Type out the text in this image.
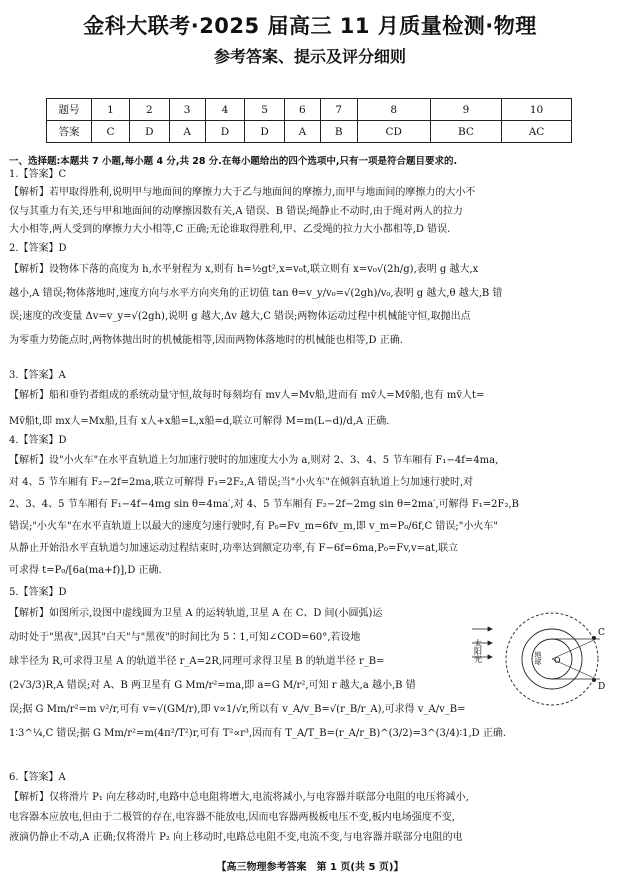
金科大联考·2025 届高三 11 月质量检测·物理
参考答案、提示及评分细则
题号	1	2	3	4	5	6	7	8	9	10
答案	C	D	A	D	D	A	B	CD	BC	AC
一、选择题:本题共 7 小题,每小题 4 分,共 28 分.在每小题给出的四个选项中,只有一项是符合题目要求的.
1.【答案】C
【解析】若甲取得胜利,说明甲与地面间的摩擦力大于乙与地面间的摩擦力,而甲与地面间的摩擦力的大小不
仅与其重力有关,还与甲和地面间的动摩擦因数有关,A 错误、B 错误;绳静止不动时,由于绳对两人的拉力
大小相等,两人受到的摩擦力大小相等,C 正确;无论谁取得胜利,甲、乙受绳的拉力大小都相等,D 错误.
2.【答案】D
【解析】设物体下落的高度为 h,水平射程为 x,则有 h=½gt²,x=v₀t,联立则有 x=v₀√(2h/g),表明 g 越大,x
越小,A 错误;物体落地时,速度方向与水平方向夹角的正切值 tan θ=v_y/v₀=√(2gh)/v₀,表明 g 越大,θ 越大,B 错
误;速度的改变量 Δv=v_y=√(2gh),说明 g 越大,Δv 越大,C 错误;两物体运动过程中机械能守恒,取抛出点
为零重力势能点时,两物体抛出时的机械能相等,因而两物体落地时的机械能也相等,D 正确.
3.【答案】A
【解析】船和垂钓者组成的系统动量守恒,故每时每刻均有 mv人=Mv船,进而有 mv̄人=Mv̄船,也有 mv̄人t=
Mv̄船t,即 mx人=Mx船,且有 x人+x船=L,x船=d,联立可解得 M=m(L−d)/d,A 正确.
4.【答案】D
【解析】设"小火车"在水平直轨道上匀加速行驶时的加速度大小为 a,则对 2、3、4、5 节车厢有 F₁−4f=4ma,
对 4、5 节车厢有 F₂−2f=2ma,联立可解得 F₁=2F₂,A 错误;当"小火车"在倾斜直轨道上匀加速行驶时,对
2、3、4、5 节车厢有 F₁−4f−4mg sin θ=4ma′,对 4、5 节车厢有 F₂−2f−2mg sin θ=2ma′,可解得 F₁=2F₂,B
错误;"小火车"在水平直轨道上以最大的速度匀速行驶时,有 P₀=Fv_m=6fv_m,即 v_m=P₀/6f,C 错误;"小火车"
从静止开始沿水平直轨道匀加速运动过程结束时,功率达到额定功率,有 F−6f=6ma,P₀=Fv,v=at,联立
可求得 t=P₀/[6a(ma+f)],D 正确.
5.【答案】D
【解析】如图所示,设图中虚线圆为卫星 A 的运转轨道,卫星 A 在 C、D 间(小圆弧)运
动时处于"黑夜",因其"白天"与"黑夜"的时间比为 5∶1,可知∠COD=60°,若设地
球半径为 R,可求得卫星 A 的轨道半径 r_A=2R,同理可求得卫星 B 的轨道半径 r_B=
(2√3/3)R,A 错误;对 A、B 两卫星有 G Mm/r²=ma,即 a=G M/r²,可知 r 越大,a 越小,B 错
误;据 G Mm/r²=m v²/r,可有 v=√(GM/r),即 v∝1/√r,所以有 v_A/v_B=√(r_B/r_A),可求得 v_A/v_B=
1∶3^¼,C 错误;据 G Mm/r²=m(4π²/T²)r,可有 T²∝r³,因而有 T_A/T_B=(r_A/r_B)^(3/2)=3^(3/4)∶1,D 正确.
太阳光
C
D
O
地球
6.【答案】A
【解析】仅将滑片 P₁ 向左移动时,电路中总电阻将增大,电流将减小,与电容器并联部分电阻的电压将减小,
电容器本应放电,但由于二极管的存在,电容器不能放电,因而电容器两极板电压不变,板内电场强度不变,
液滴仍静止不动,A 正确;仅将滑片 P₂ 向上移动时,电路总电阻不变,电流不变,与电容器并联部分电阻的电
【高三物理参考答案　第 1 页(共 5 页)】
